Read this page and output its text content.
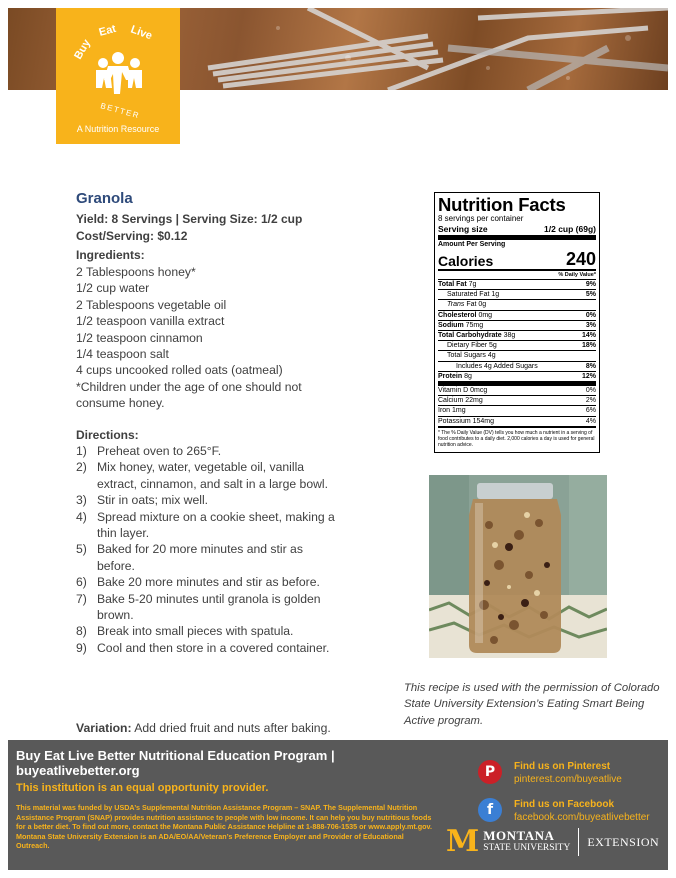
Buy
Eat Live
BETTER
A Nutrition Resource
Granola
Yield: 8 Servings | Serving Size: 1/2 cup
Cost/Serving: $0.12
Ingredients:
2 Tablespoons honey*
1/2 cup water
2 Tablespoons vegetable oil
1/2 teaspoon vanilla extract
1/2 teaspoon cinnamon
1/4 teaspoon salt
4 cups uncooked rolled oats (oatmeal)
*Children under the age of one should not consume honey.
Directions:
1) Preheat oven to 265°F.
2) Mix honey, water, vegetable oil, vanilla extract, cinnamon, and salt in a large bowl.
3) Stir in oats; mix well.
4) Spread mixture on a cookie sheet, making a thin layer.
5) Baked for 20 more minutes and stir as before.
6) Bake 20 more minutes and stir as before.
7) Bake 5-20 minutes until granola is golden brown.
8) Break into small pieces with spatula.
9) Cool and then store in a covered container.
Variation: Add dried fruit and nuts after baking.
Nutrition Facts
8 servings per container
Serving size	1/2 cup (69g)
Amount Per Serving
Calories	240
% Daily Value*
Total Fat 7g	9%
Saturated Fat 1g	5%
Trans Fat 0g
Cholesterol 0mg	0%
Sodium 75mg	3%
Total Carbohydrate 38g	14%
Dietary Fiber 5g	18%
Total Sugars 4g
Includes 4g Added Sugars	8%
Protein 8g	12%
Vitamin D 0mcg	0%
Calcium 22mg	2%
Iron 1mg	6%
Potassium 154mg	4%
* The % Daily Value (DV) tells you how much a nutrient in a serving of food contributes to a daily diet. 2,000 calories a day is used for general nutrition advice.
This recipe is used with the permission of Colorado State University Extension’s Eating Smart Being Active program.
Buy Eat Live Better Nutritional Education Program | buyeatlivebetter.org
This institution is an equal opportunity provider.
This material was funded by USDA’s Supplemental Nutrition Assistance Program – SNAP. The Supplemental Nutrition Assistance Program (SNAP) provides nutrition assistance to people with low income. It can help you buy nutritious foods for a better diet. To find out more, contact the Montana Public Assistance Helpline at 1-888-706-1535 or www.apply.mt.gov. Montana State University Extension is an ADA/EO/AA/Veteran’s Preference Employer and Provider of Educational Outreach.
P	Find us on Pinterest
pinterest.com/buyeatlive
f	Find us on Facebook
facebook.com/buyeatlivebetter
M MONTANA
STATE UNIVERSITY EXTENSION
